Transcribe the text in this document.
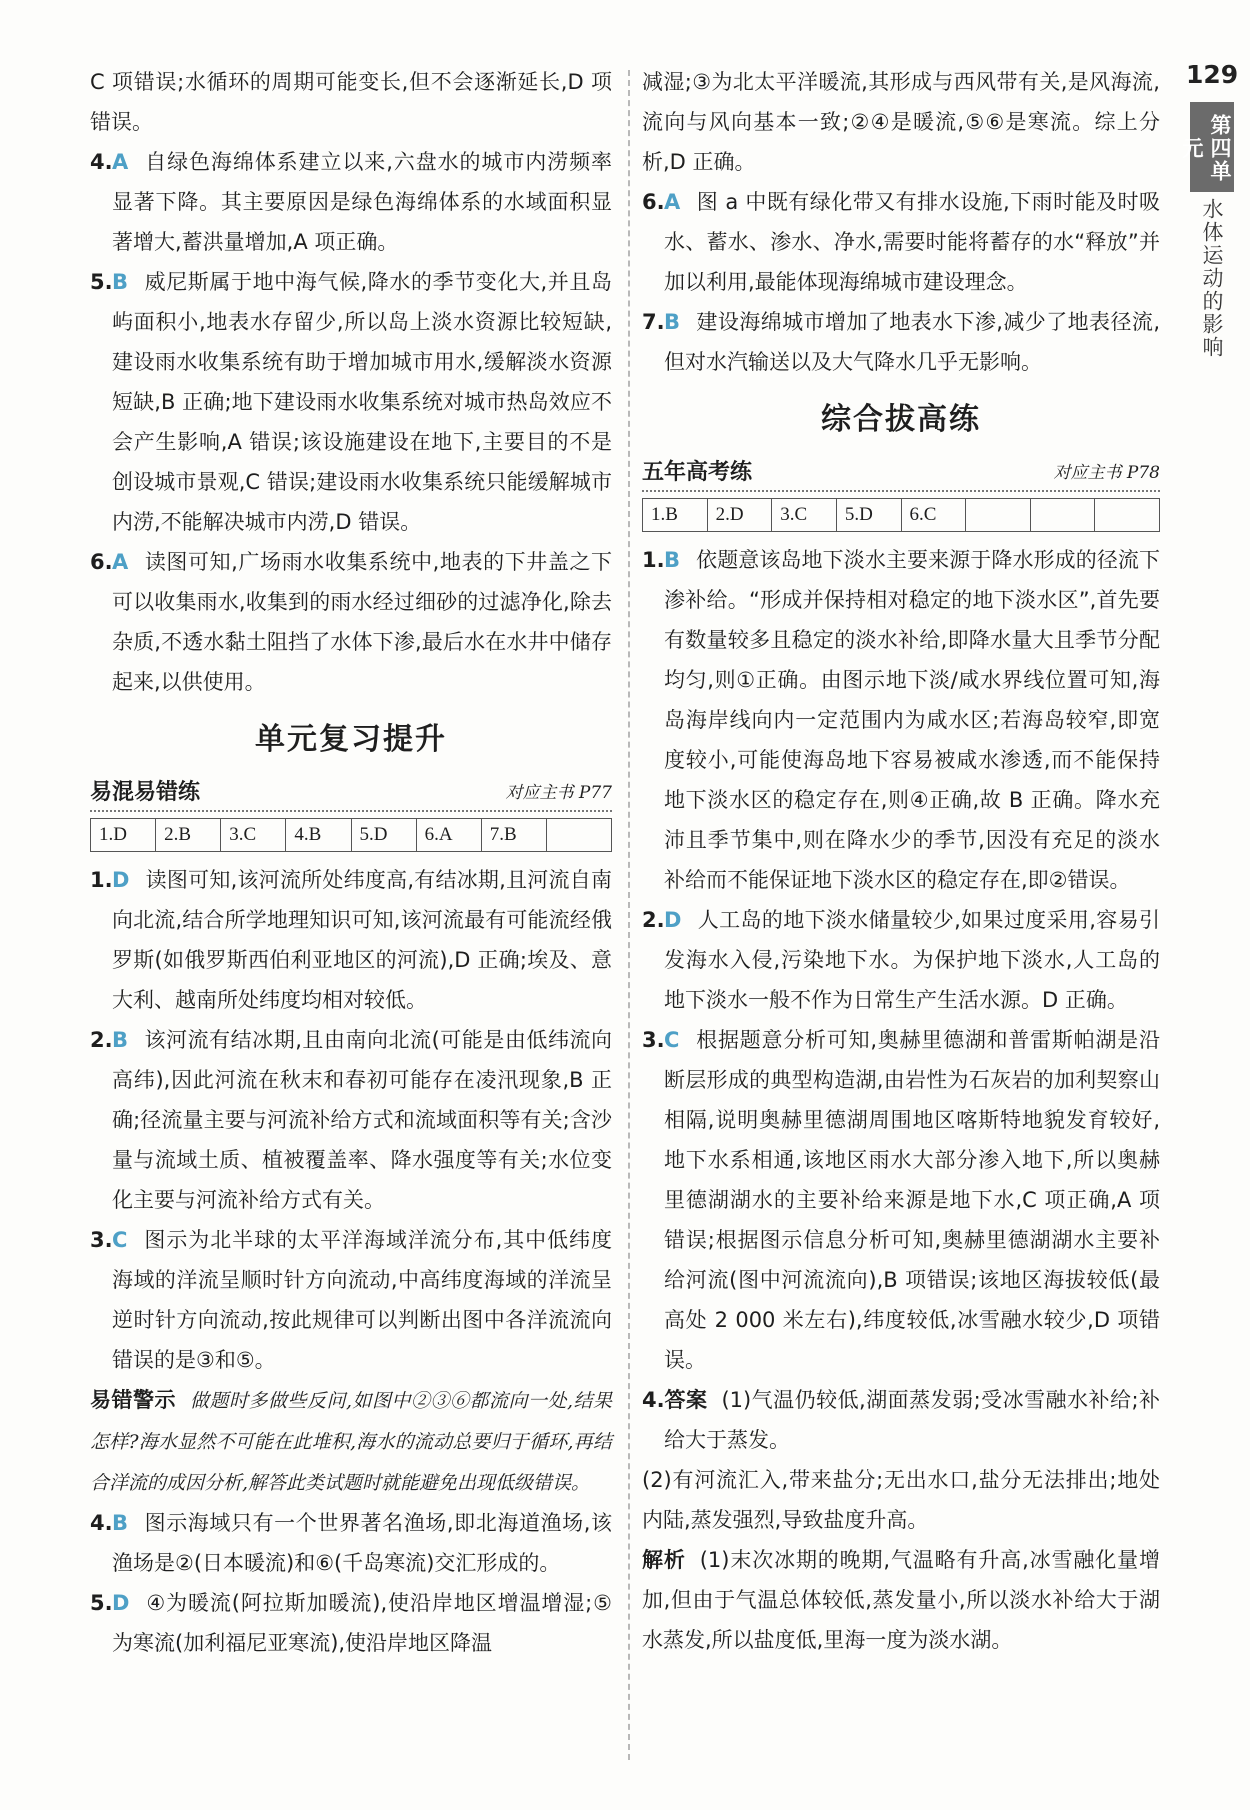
129
第四单元
水体运动的影响

C 项错误;水循环的周期可能变长,但不会逐渐延长,D 项错误。

4.A 自绿色海绵体系建立以来,六盘水的城市内涝频率显著下降。其主要原因是绿色海绵体系的水域面积显著增大,蓄洪量增加,A 项正确。

5.B 威尼斯属于地中海气候,降水的季节变化大,并且岛屿面积小,地表水存留少,所以岛上淡水资源比较短缺,建设雨水收集系统有助于增加城市用水,缓解淡水资源短缺,B 正确;地下建设雨水收集系统对城市热岛效应不会产生影响,A 错误;该设施建设在地下,主要目的不是创设城市景观,C 错误;建设雨水收集系统只能缓解城市内涝,不能解决城市内涝,D 错误。

6.A 读图可知,广场雨水收集系统中,地表的下井盖之下可以收集雨水,收集到的雨水经过细砂的过滤净化,除去杂质,不透水黏土阻挡了水体下渗,最后水在水井中储存起来,以供使用。

单元复习提升
易混易错练	对应主书 P77
1.D	2.B	3.C	4.B	5.D	6.A	7.B	

1.D 读图可知,该河流所处纬度高,有结冰期,且河流自南向北流,结合所学地理知识可知,该河流最有可能流经俄罗斯(如俄罗斯西伯利亚地区的河流),D 正确;埃及、意大利、越南所处纬度均相对较低。

2.B 该河流有结冰期,且由南向北流(可能是由低纬流向高纬),因此河流在秋末和春初可能存在凌汛现象,B 正确;径流量主要与河流补给方式和流域面积等有关;含沙量与流域土质、植被覆盖率、降水强度等有关;水位变化主要与河流补给方式有关。

3.C 图示为北半球的太平洋海域洋流分布,其中低纬度海域的洋流呈顺时针方向流动,中高纬度海域的洋流呈逆时针方向流动,按此规律可以判断出图中各洋流流向错误的是③和⑤。

易错警示 做题时多做些反问,如图中②③⑥都流向一处,结果怎样?海水显然不可能在此堆积,海水的流动总要归于循环,再结合洋流的成因分析,解答此类试题时就能避免出现低级错误。

4.B 图示海域只有一个世界著名渔场,即北海道渔场,该渔场是②(日本暖流)和⑥(千岛寒流)交汇形成的。

5.D ④为暖流(阿拉斯加暖流),使沿岸地区增温增湿;⑤为寒流(加利福尼亚寒流),使沿岸地区降温

减湿;③为北太平洋暖流,其形成与西风带有关,是风海流,流向与风向基本一致;②④是暖流,⑤⑥是寒流。综上分析,D 正确。

6.A 图 a 中既有绿化带又有排水设施,下雨时能及时吸水、蓄水、渗水、净水,需要时能将蓄存的水“释放”并加以利用,最能体现海绵城市建设理念。

7.B 建设海绵城市增加了地表水下渗,减少了地表径流,但对水汽输送以及大气降水几乎无影响。

综合拔高练
五年高考练	对应主书 P78
1.B	2.D	3.C	5.D	6.C			

1.B 依题意该岛地下淡水主要来源于降水形成的径流下渗补给。“形成并保持相对稳定的地下淡水区”,首先要有数量较多且稳定的淡水补给,即降水量大且季节分配均匀,则①正确。由图示地下淡/咸水界线位置可知,海岛海岸线向内一定范围内为咸水区;若海岛较窄,即宽度较小,可能使海岛地下容易被咸水渗透,而不能保持地下淡水区的稳定存在,则④正确,故 B 正确。降水充沛且季节集中,则在降水少的季节,因没有充足的淡水补给而不能保证地下淡水区的稳定存在,即②错误。

2.D 人工岛的地下淡水储量较少,如果过度采用,容易引发海水入侵,污染地下水。为保护地下淡水,人工岛的地下淡水一般不作为日常生产生活水源。D 正确。

3.C 根据题意分析可知,奥赫里德湖和普雷斯帕湖是沿断层形成的典型构造湖,由岩性为石灰岩的加利契察山相隔,说明奥赫里德湖周围地区喀斯特地貌发育较好,地下水系相通,该地区雨水大部分渗入地下,所以奥赫里德湖湖水的主要补给来源是地下水,C 项正确,A 项错误;根据图示信息分析可知,奥赫里德湖湖水主要补给河流(图中河流流向),B 项错误;该地区海拔较低(最高处 2 000 米左右),纬度较低,冰雪融水较少,D 项错误。

4.答案 (1)气温仍较低,湖面蒸发弱;受冰雪融水补给;补给大于蒸发。

(2)有河流汇入,带来盐分;无出水口,盐分无法排出;地处内陆,蒸发强烈,导致盐度升高。

解析 (1)末次冰期的晚期,气温略有升高,冰雪融化量增加,但由于气温总体较低,蒸发量小,所以淡水补给大于湖水蒸发,所以盐度低,里海一度为淡水湖。
